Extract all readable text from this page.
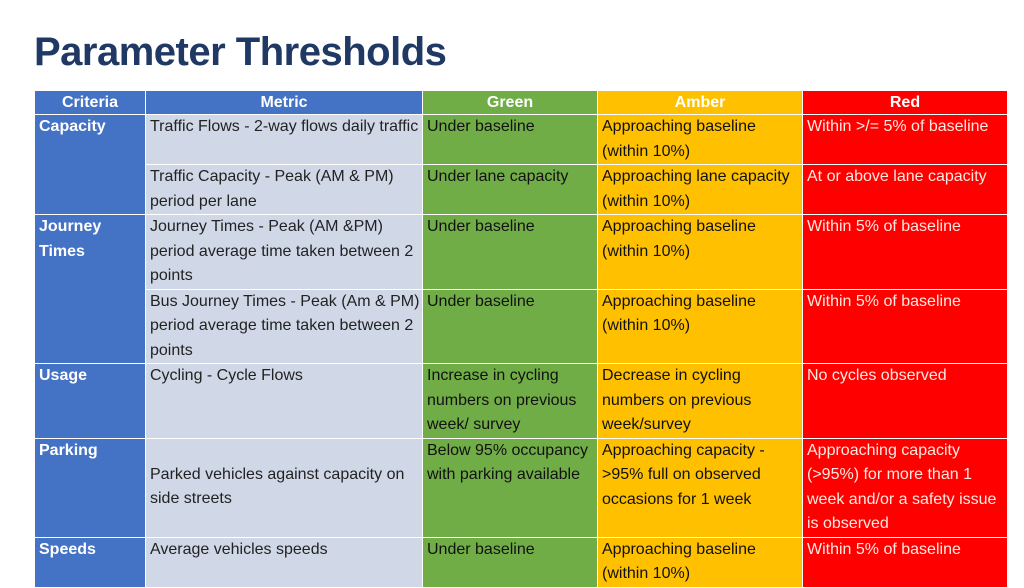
Parameter Thresholds
Criteria	Metric	Green	Amber	Red
Capacity	Traffic Flows - 2-way flows daily traffic	Under baseline	Approaching baseline (within 10%)	Within >/= 5% of baseline
	Traffic Capacity - Peak (AM & PM) period per lane	Under lane capacity	Approaching lane capacity (within 10%)	At or above lane capacity
Journey Times	Journey Times - Peak (AM &PM) period average time taken between 2 points	Under baseline	Approaching baseline (within 10%)	Within 5% of baseline
	Bus Journey Times - Peak (Am & PM) period average time taken between 2 points	Under baseline	Approaching baseline (within 10%)	Within 5% of baseline
Usage	Cycling - Cycle Flows	Increase in cycling numbers on previous week/ survey	Decrease in cycling numbers on previous week/survey	No cycles observed
Parking	Parked vehicles against capacity on side streets	Below 95% occupancy with parking available	Approaching capacity - >95% full on observed occasions for 1 week	Approaching capacity (>95%) for more than 1 week and/or a safety issue is observed
Speeds	Average vehicles speeds	Under baseline	Approaching baseline (within 10%)	Within 5% of baseline
